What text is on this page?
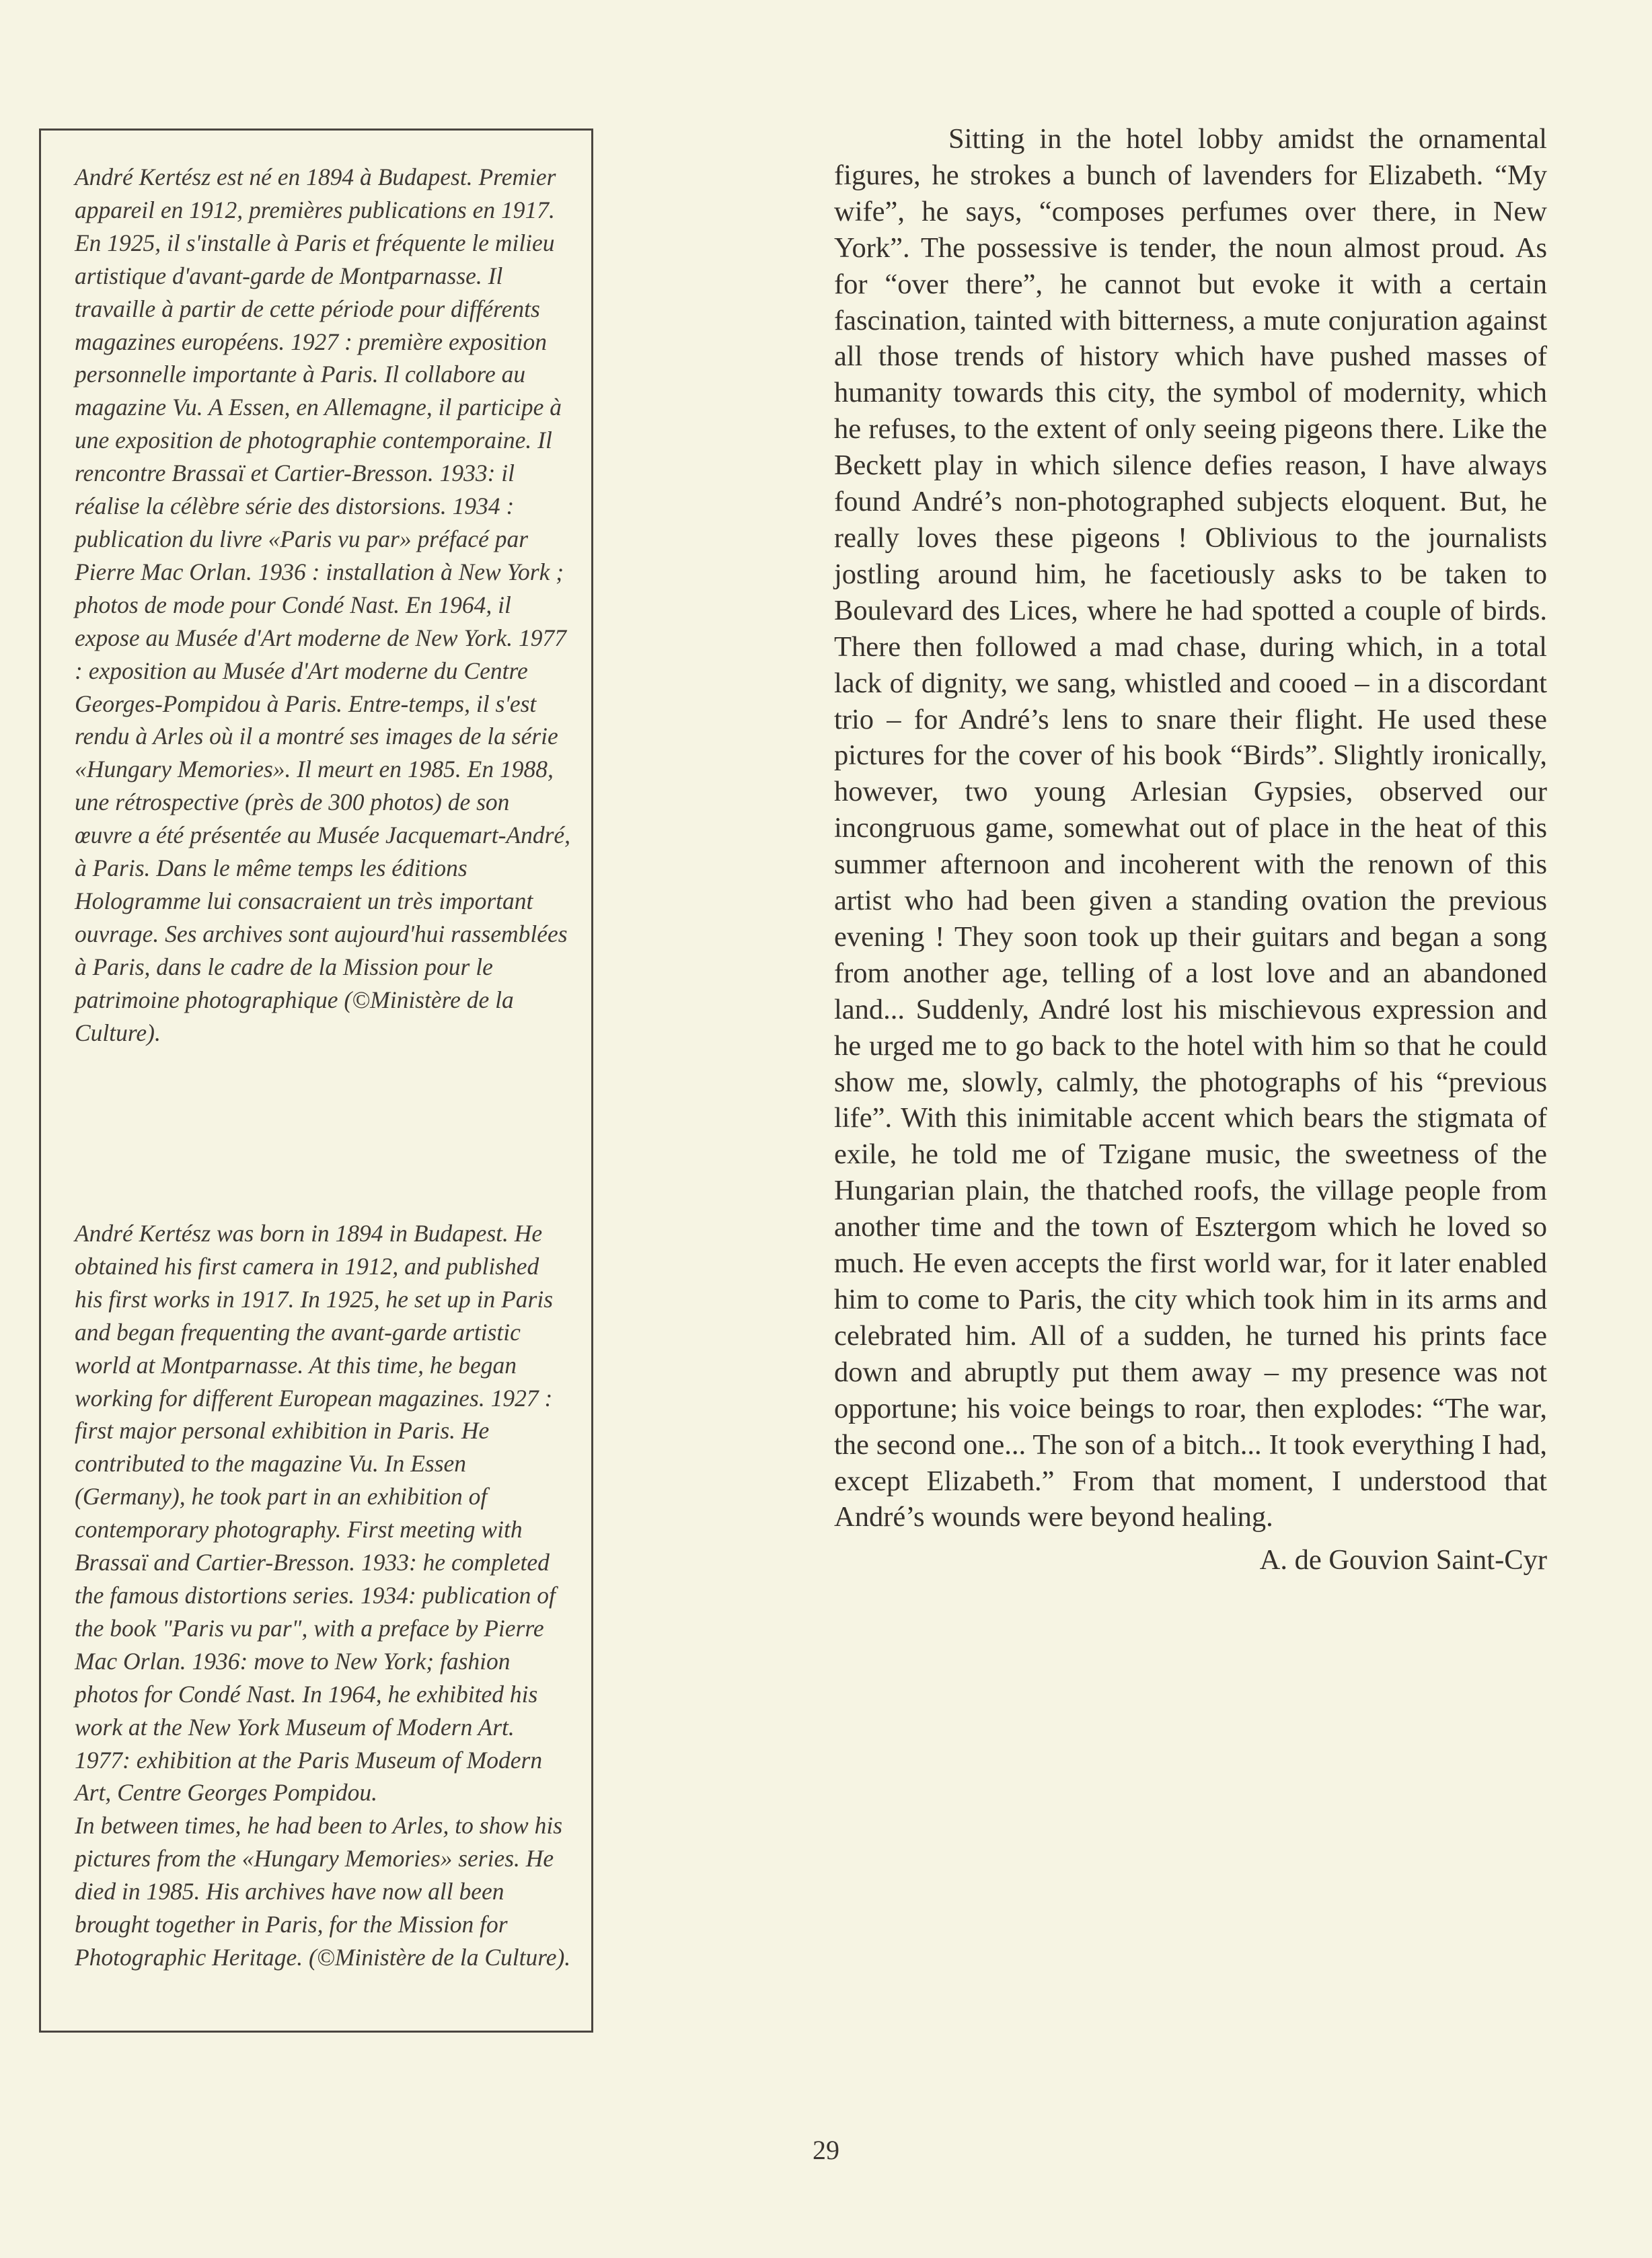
André Kertész est né en 1894 à Budapest. Premier appareil en 1912, premières publications en 1917. En 1925, il s'installe à Paris et fréquente le milieu artistique d'avant-garde de Montparnasse. Il travaille à partir de cette période pour différents magazines européens. 1927 : première exposition personnelle importante à Paris. Il collabore au magazine Vu. A Essen, en Allemagne, il participe à une exposition de photographie contemporaine. Il rencontre Brassaï et Cartier-Bresson. 1933: il réalise la célèbre série des distorsions. 1934 : publication du livre «Paris vu par» préfacé par Pierre Mac Orlan. 1936 : installation à New York ; photos de mode pour Condé Nast. En 1964, il expose au Musée d'Art moderne de New York. 1977 : exposition au Musée d'Art moderne du Centre Georges-Pompidou à Paris. Entre-temps, il s'est rendu à Arles où il a montré ses images de la série «Hungary Memories». Il meurt en 1985. En 1988, une rétrospective (près de 300 photos) de son œuvre a été présentée au Musée Jacquemart-André, à Paris. Dans le même temps les éditions Hologramme lui consacraient un très important ouvrage. Ses archives sont aujourd'hui rassemblées à Paris, dans le cadre de la Mission pour le patrimoine photographique (©Ministère de la Culture).

André Kertész was born in 1894 in Budapest. He obtained his first camera in 1912, and published his first works in 1917. In 1925, he set up in Paris and began frequenting the avant-garde artistic world at Montparnasse. At this time, he began working for different European magazines. 1927 : first major personal exhibition in Paris. He contributed to the magazine Vu. In Essen (Germany), he took part in an exhibition of contemporary photography. First meeting with Brassaï and Cartier-Bresson. 1933: he completed the famous distortions series. 1934: publication of the book "Paris vu par", with a preface by Pierre Mac Orlan. 1936: move to New York; fashion photos for Condé Nast. In 1964, he exhibited his work at the New York Museum of Modern Art. 1977: exhibition at the Paris Museum of Modern Art, Centre Georges Pompidou.

In between times, he had been to Arles, to show his pictures from the «Hungary Memories» series. He died in 1985. His archives have now all been brought together in Paris, for the Mission for Photographic Heritage. (©Ministère de la Culture).

Sitting in the hotel lobby amidst the ornamental figures, he strokes a bunch of lavenders for Elizabeth. “My wife”, he says, “composes perfumes over there, in New York”. The possessive is tender, the noun almost proud. As for “over there”, he cannot but evoke it with a certain fascination, tainted with bitterness, a mute conjuration against all those trends of history which have pushed masses of humanity towards this city, the symbol of modernity, which he refuses, to the extent of only seeing pigeons there. Like the Beckett play in which silence defies reason, I have always found André’s non-photographed subjects eloquent. But, he really loves these pigeons ! Oblivious to the journalists jostling around him, he facetiously asks to be taken to Boulevard des Lices, where he had spotted a couple of birds. There then followed a mad chase, during which, in a total lack of dignity, we sang, whistled and cooed – in a discordant trio – for André’s lens to snare their flight. He used these pictures for the cover of his book “Birds”. Slightly ironically, however, two young Arlesian Gypsies, observed our incongruous game, somewhat out of place in the heat of this summer afternoon and incoherent with the renown of this artist who had been given a standing ovation the previous evening ! They soon took up their guitars and began a song from another age, telling of a lost love and an abandoned land... Suddenly, André lost his mischievous expression and he urged me to go back to the hotel with him so that he could show me, slowly, calmly, the photographs of his “previous life”. With this inimitable accent which bears the stigmata of exile, he told me of Tzigane music, the sweetness of the Hungarian plain, the thatched roofs, the village people from another time and the town of Esztergom which he loved so much. He even accepts the first world war, for it later enabled him to come to Paris, the city which took him in its arms and celebrated him. All of a sudden, he turned his prints face down and abruptly put them away – my presence was not opportune; his voice beings to roar, then explodes: “The war, the second one... The son of a bitch... It took everything I had, except Elizabeth.” From that moment, I understood that André’s wounds were beyond healing.

A. de Gouvion Saint-Cyr

29
